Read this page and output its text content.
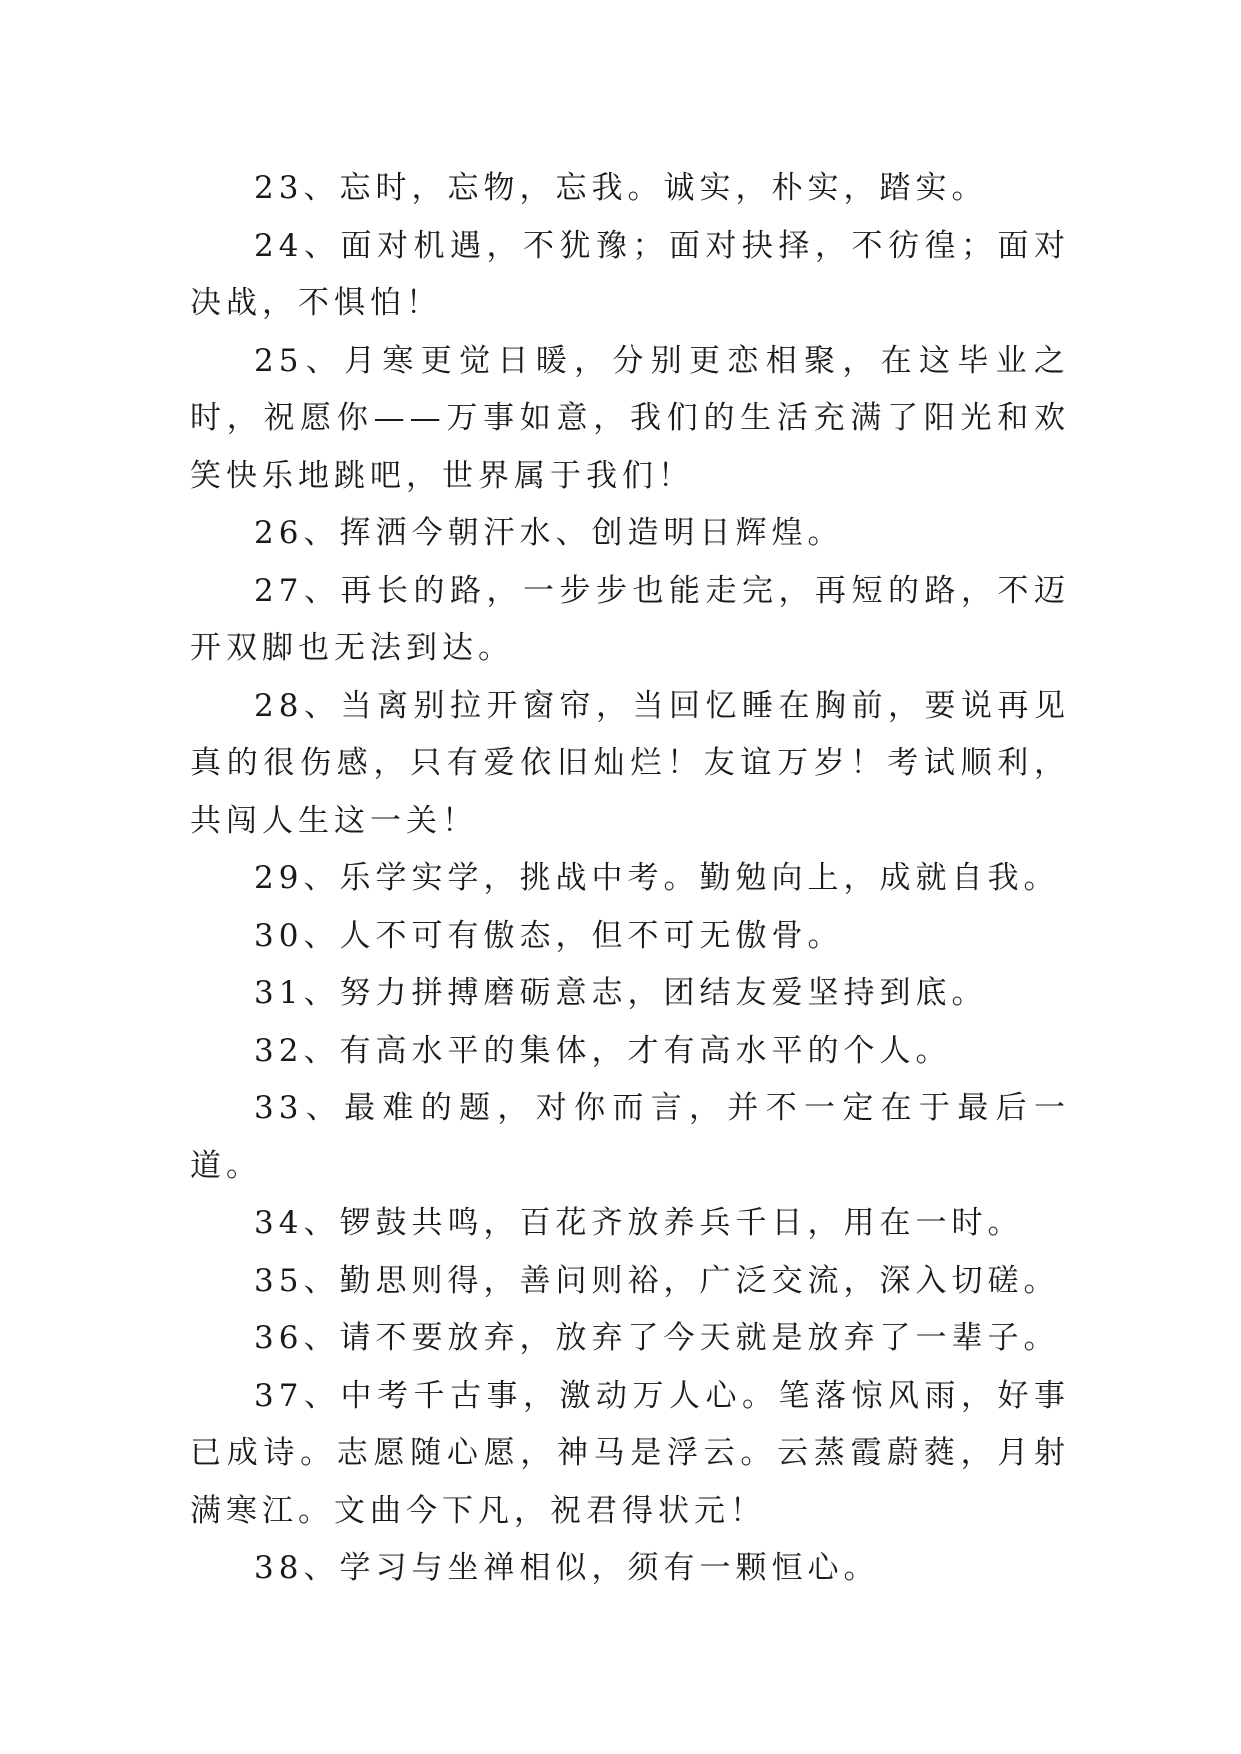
23、忘时，忘物，忘我。诚实，朴实，踏实。

24、面对机遇，不犹豫；面对抉择，不彷徨；面对决战，不惧怕！

25、月寒更觉日暖，分别更恋相聚，在这毕业之时，祝愿你——万事如意，我们的生活充满了阳光和欢笑快乐地跳吧，世界属于我们！

26、挥洒今朝汗水、创造明日辉煌。

27、再长的路，一步步也能走完，再短的路，不迈开双脚也无法到达。

28、当离别拉开窗帘，当回忆睡在胸前，要说再见真的很伤感，只有爱依旧灿烂！友谊万岁！考试顺利，共闯人生这一关！

29、乐学实学，挑战中考。勤勉向上，成就自我。

30、人不可有傲态，但不可无傲骨。

31、努力拼搏磨砺意志，团结友爱坚持到底。

32、有高水平的集体，才有高水平的个人。

33、最难的题，对你而言，并不一定在于最后一道。

34、锣鼓共鸣，百花齐放养兵千日，用在一时。

35、勤思则得，善问则裕，广泛交流，深入切磋。

36、请不要放弃，放弃了今天就是放弃了一辈子。

37、中考千古事，激动万人心。笔落惊风雨，好事已成诗。志愿随心愿，神马是浮云。云蒸霞蔚蕤，月射满寒江。文曲今下凡，祝君得状元！

38、学习与坐禅相似，须有一颗恒心。
